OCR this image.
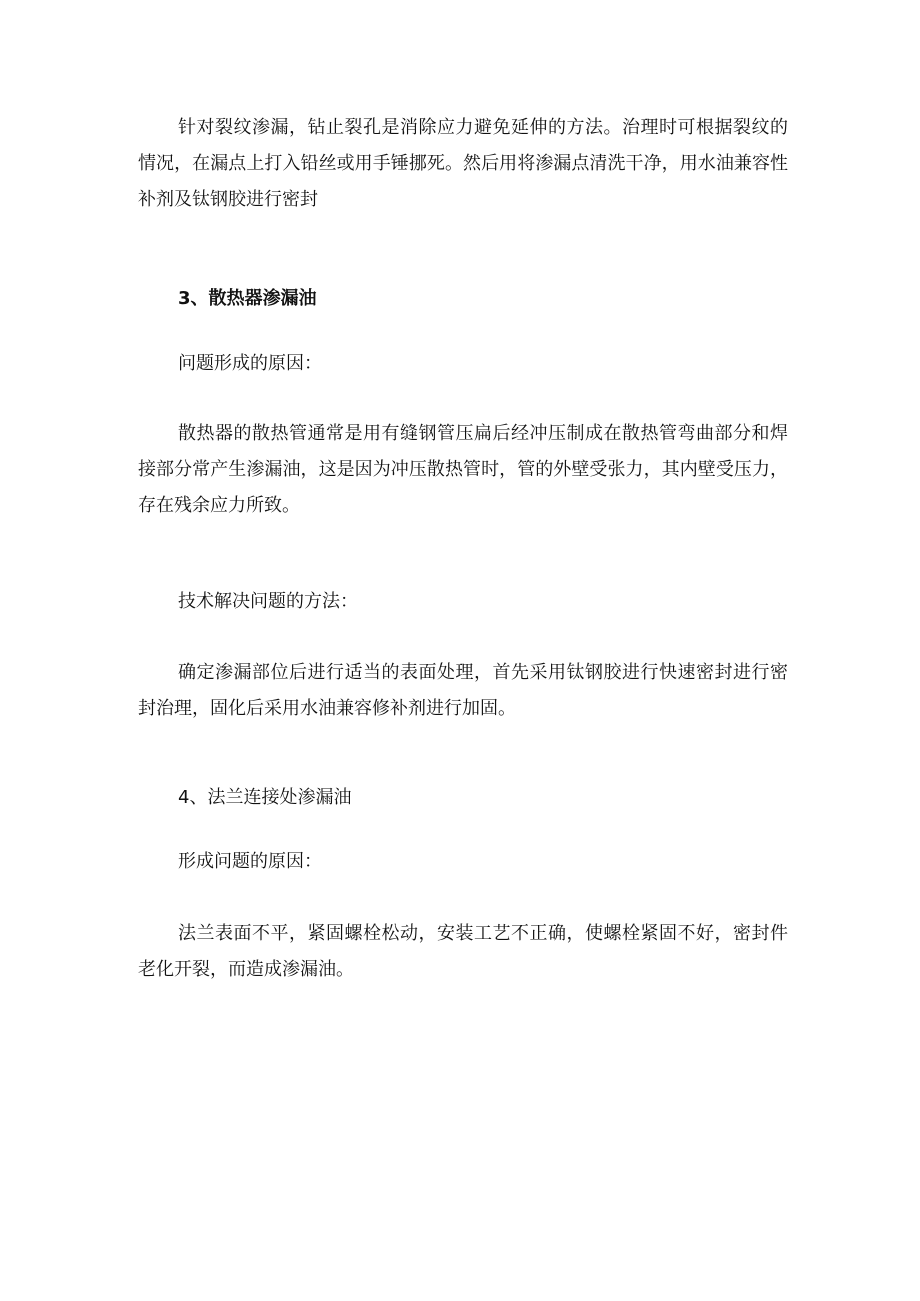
针对裂纹渗漏，钻止裂孔是消除应力避免延伸的方法。治理时可根据裂纹的情况，在漏点上打入铅丝或用手锤挪死。然后用将渗漏点清洗干净，用水油兼容性补剂及钛钢胶进行密封

3、散热器渗漏油

问题形成的原因：

散热器的散热管通常是用有缝钢管压扁后经冲压制成在散热管弯曲部分和焊接部分常产生渗漏油，这是因为冲压散热管时，管的外壁受张力，其内壁受压力，存在残余应力所致。

技术解决问题的方法：

确定渗漏部位后进行适当的表面处理，首先采用钛钢胶进行快速密封进行密封治理，固化后采用水油兼容修补剂进行加固。

4、法兰连接处渗漏油

形成问题的原因：

法兰表面不平，紧固螺栓松动，安装工艺不正确，使螺栓紧固不好，密封件老化开裂，而造成渗漏油。
